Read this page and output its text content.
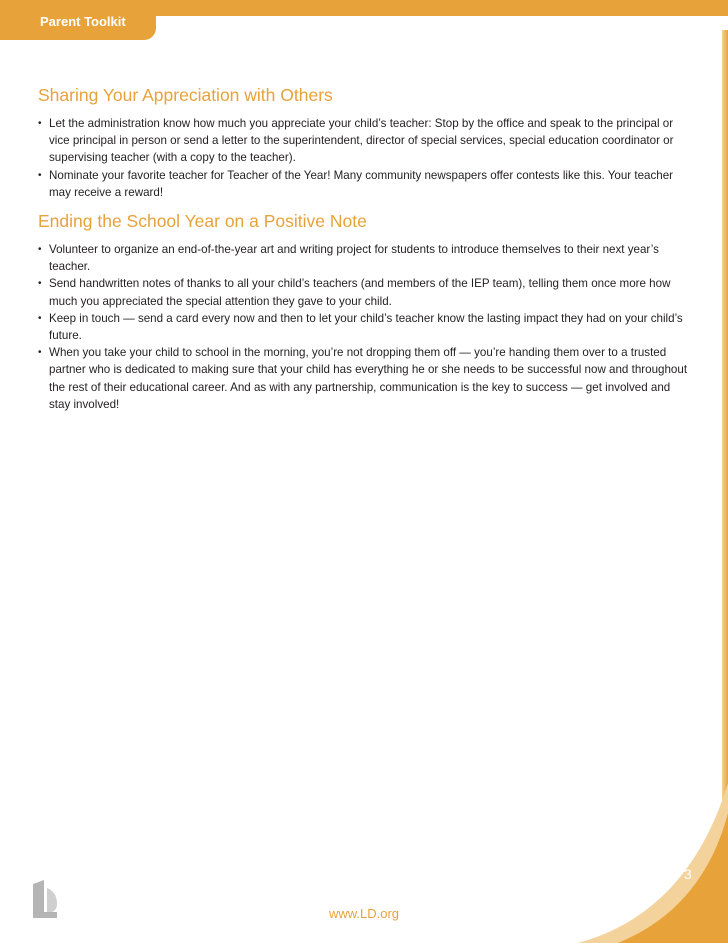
Parent Toolkit
Sharing Your Appreciation with Others
• Let the administration know how much you appreciate your child’s teacher: Stop by the office and speak to the principal or vice principal in person or send a letter to the superintendent, director of special services, special education coordinator or supervising teacher (with a copy to the teacher).
• Nominate your favorite teacher for Teacher of the Year! Many community newspapers offer contests like this. Your teacher may receive a reward!
Ending the School Year on a Positive Note
• Volunteer to organize an end-of-the-year art and writing project for students to introduce themselves to their next year’s teacher.
• Send handwritten notes of thanks to all your child’s teachers (and members of the IEP team), telling them once more how much you appreciated the special attention they gave to your child.
• Keep in touch — send a card every now and then to let your child’s teacher know the lasting impact they had on your child’s future.
• When you take your child to school in the morning, you’re not dropping them off — you’re handing them over to a trusted partner who is dedicated to making sure that your child has everything he or she needs to be successful now and throughout the rest of their educational career. And as with any partnership, communication is the key to success — get involved and stay involved!
3
www.LD.org
